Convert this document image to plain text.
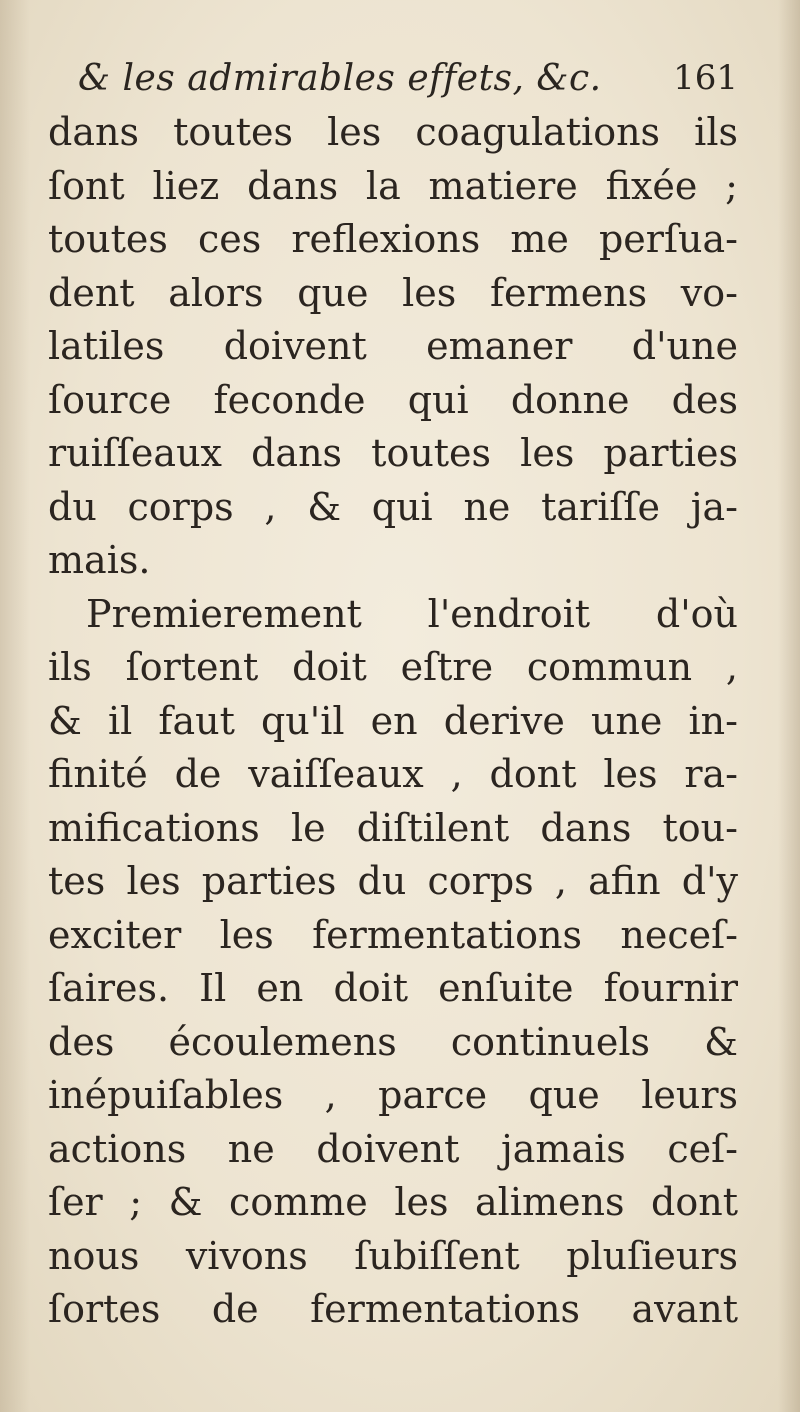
& les admirables effets, &c. 161
dans toutes les coagulations ils
ſont liez dans la matiere fixée ;
toutes ces reflexions me perſua-
dent alors que les fermens vo-
latiles doivent emaner d'une
ſource feconde qui donne des
ruiſſeaux dans toutes les parties
du corps , & qui ne tariſſe ja-
mais.
Premierement l'endroit d'où
ils ſortent doit eſtre commun ,
& il faut qu'il en derive une in-
finité de vaiſſeaux , dont les ra-
mifications le diſtilent dans tou-
tes les parties du corps , afin d'y
exciter les fermentations neceſ-
ſaires. Il en doit enſuite fournir
des écoulemens continuels &
inépuiſables , parce que leurs
actions ne doivent jamais ceſ-
ſer ; & comme les alimens dont
nous vivons ſubiſſent pluſieurs
ſortes de fermentations avant
